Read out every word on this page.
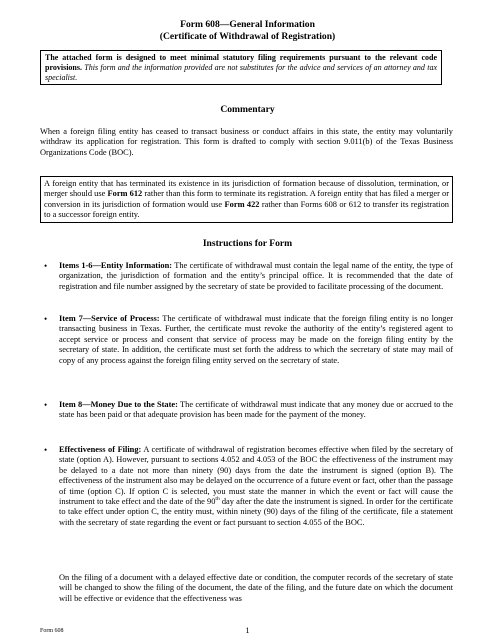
Form 608—General Information
(Certificate of Withdrawal of Registration)
The attached form is designed to meet minimal statutory filing requirements pursuant to the relevant code provisions. This form and the information provided are not substitutes for the advice and services of an attorney and tax specialist.
Commentary
When a foreign filing entity has ceased to transact business or conduct affairs in this state, the entity may voluntarily withdraw its application for registration. This form is drafted to comply with section 9.011(b) of the Texas Business Organizations Code (BOC).
A foreign entity that has terminated its existence in its jurisdiction of formation because of dissolution, termination, or merger should use Form 612 rather than this form to terminate its registration. A foreign entity that has filed a merger or conversion in its jurisdiction of formation would use Form 422 rather than Forms 608 or 612 to transfer its registration to a successor foreign entity.
Instructions for Form
• Items 1-6—Entity Information: The certificate of withdrawal must contain the legal name of the entity, the type of organization, the jurisdiction of formation and the entity’s principal office. It is recommended that the date of registration and file number assigned by the secretary of state be provided to facilitate processing of the document.
• Item 7—Service of Process: The certificate of withdrawal must indicate that the foreign filing entity is no longer transacting business in Texas. Further, the certificate must revoke the authority of the entity’s registered agent to accept service or process and consent that service of process may be made on the foreign filing entity by the secretary of state. In addition, the certificate must set forth the address to which the secretary of state may mail of copy of any process against the foreign filing entity served on the secretary of state.
• Item 8—Money Due to the State: The certificate of withdrawal must indicate that any money due or accrued to the state has been paid or that adequate provision has been made for the payment of the money.
• Effectiveness of Filing: A certificate of withdrawal of registration becomes effective when filed by the secretary of state (option A). However, pursuant to sections 4.052 and 4.053 of the BOC the effectiveness of the instrument may be delayed to a date not more than ninety (90) days from the date the instrument is signed (option B). The effectiveness of the instrument also may be delayed on the occurrence of a future event or fact, other than the passage of time (option C). If option C is selected, you must state the manner in which the event or fact will cause the instrument to take effect and the date of the 90th day after the date the instrument is signed. In order for the certificate to take effect under option C, the entity must, within ninety (90) days of the filing of the certificate, file a statement with the secretary of state regarding the event or fact pursuant to section 4.055 of the BOC.
On the filing of a document with a delayed effective date or condition, the computer records of the secretary of state will be changed to show the filing of the document, the date of the filing, and the future date on which the document will be effective or evidence that the effectiveness was
Form 608	1
